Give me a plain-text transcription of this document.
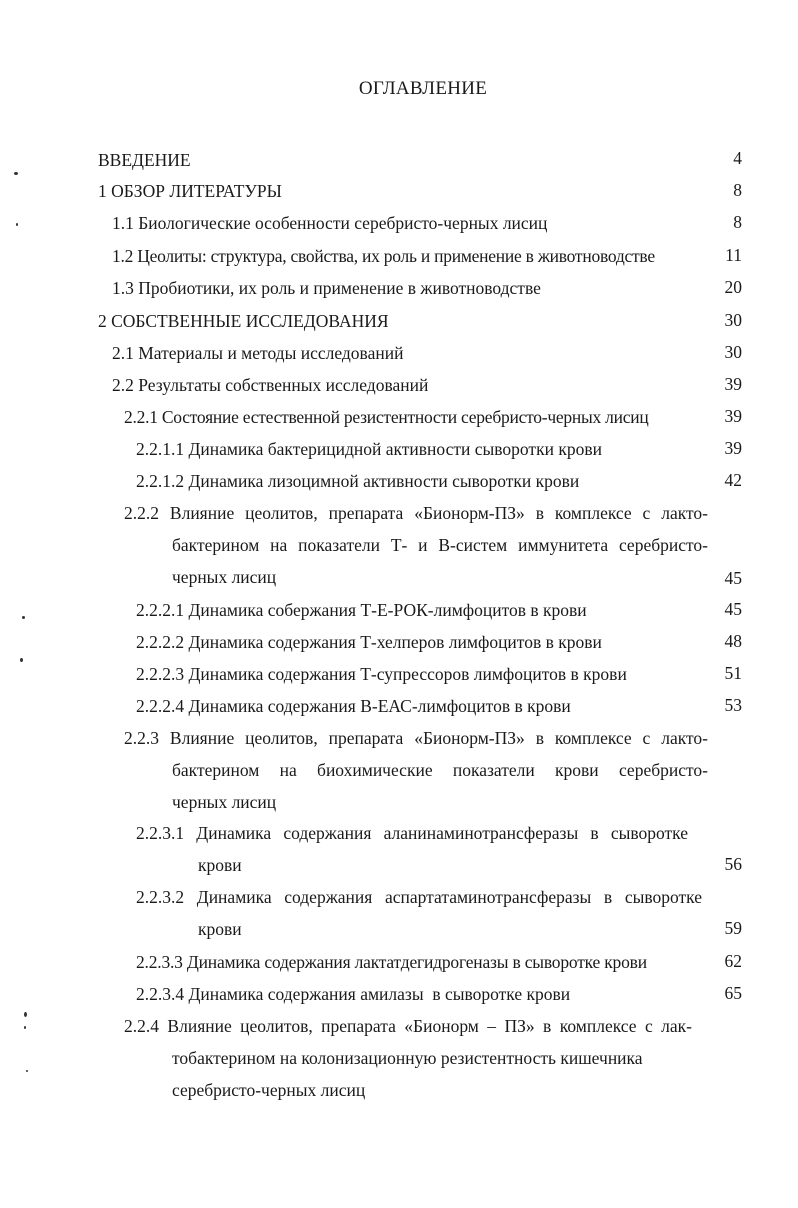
ОГЛАВЛЕНИЕ
ВВЕДЕНИЕ	4
1 ОБЗОР ЛИТЕРАТУРЫ	8
1.1 Биологические особенности серебристо-черных лисиц	8
1.2 Цеолиты: структура, свойства, их роль и применение в животноводстве	11
1.3 Пробиотики, их роль и применение в животноводстве	20
2 СОБСТВЕННЫЕ ИССЛЕДОВАНИЯ	30
2.1 Материалы и методы исследований	30
2.2 Результаты собственных исследований	39
2.2.1 Состояние естественной резистентности серебристо-черных лисиц	39
2.2.1.1 Динамика бактерицидной активности сыворотки крови	39
2.2.1.2 Динамика лизоцимной активности сыворотки крови	42
2.2.2 Влияние цеолитов, препарата «Бионорм-ПЗ» в комплексе с лакто-
бактерином на показатели Т- и В-систем иммунитета серебристо-
черных лисиц	45
2.2.2.1 Динамика собержания Т-Е-РОК-лимфоцитов в крови	45
2.2.2.2 Динамика содержания Т-хелперов лимфоцитов в крови	48
2.2.2.3 Динамика содержания Т-супрессоров лимфоцитов в крови	51
2.2.2.4 Динамика содержания В-ЕАС-лимфоцитов в крови	53
2.2.3 Влияние цеолитов, препарата «Бионорм-ПЗ» в комплексе с лакто-
бактерином на биохимические показатели крови серебристо-
черных лисиц
2.2.3.1 Динамика содержания аланинаминотрансферазы в сыворотке
крови	56
2.2.3.2 Динамика содержания аспартатаминотрансферазы в сыворотке
крови	59
2.2.3.3 Динамика содержания лактатдегидрогеназы в сыворотке крови	62
2.2.3.4 Динамика содержания амилазы  в сыворотке крови	65
2.2.4 Влияние цеолитов, препарата «Бионорм – ПЗ» в комплексе с лак-
тобактерином на колонизационную резистентность кишечника
серебристо-черных лисиц
